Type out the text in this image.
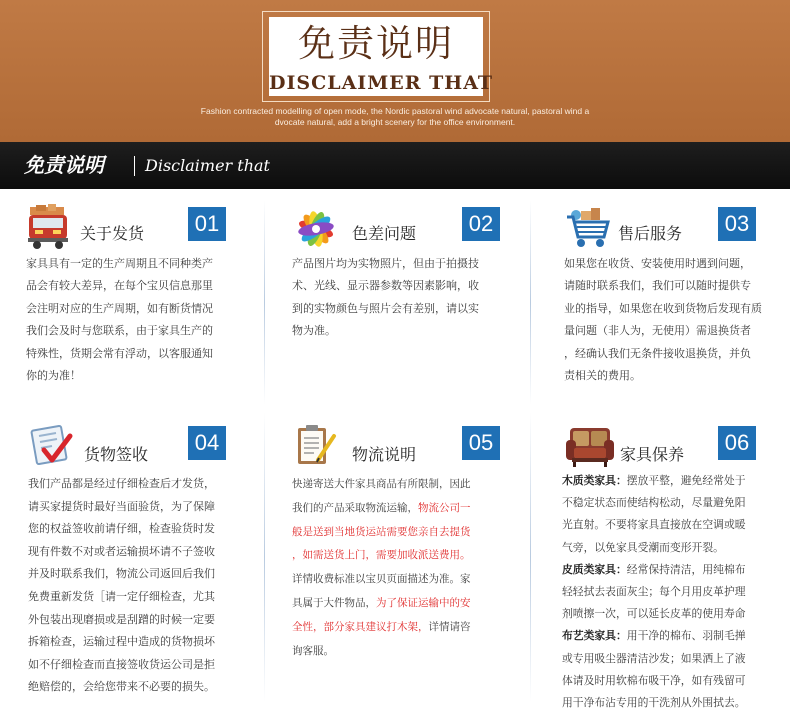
免责说明
DISCLAIMER THAT
Fashion contracted modelling of open mode, the Nordic pastoral wind advocate natural, pastoral wind a
dvocate natural, add a bright scenery for the office environment.
免责说明	Disclaimer that
关于发货	01

家具具有一定的生产周期且不同种类产

品会有较大差异，在每个宝贝信息那里

会注明对应的生产周期，如有断货情况

我们会及时与您联系，由于家具生产的

特殊性，货期会常有浮动，以客服通知

你的为准！

色差问题	02

产品图片均为实物照片，但由于拍摄技

术、光线、显示器参数等因素影响，收

到的实物颜色与照片会有差别，请以实

物为准。

售后服务	03

如果您在收货、安装使用时遇到问题，

请随时联系我们，我们可以随时提供专

业的指导，如果您在收到货物后发现有质

量问题（非人为，无使用）需退换货者

，经确认我们无条件接收退换货，并负

责相关的费用。

货物签收	04

我们产品都是经过仔细检查后才发货，

请买家提货时最好当面验货，为了保障

您的权益签收前请仔细，检查验货时发

现有件数不对或者运输损坏请不子签收

并及时联系我们，物流公司返回后我们

免费重新发货［请一定仔细检查，尤其

外包装出现磨损或是刮蹭的时候一定要

拆箱检查，运输过程中造成的货物损坏

如不仔细检查而直接签收货运公司是拒

绝赔偿的，会给您带来不必要的损失。

物流说明	05

快递寄送大件家具商品有所限制，因此

我们的产品采取物流运输，物流公司一

般是送到当地货运站需要您亲自去提货

，如需送货上门，需要加收派送费用。

详情收费标准以宝贝页面描述为准。家

具属于大件物品，为了保证运输中的安

全性，部分家具建议打木架，详情请咨

询客服。

家具保养	06

木质类家具：摆放平整，避免经常处于

不稳定状态而使结构松动，尽量避免阳

光直射。不要将家具直接放在空调或暖

气旁，以免家具受潮而变形开裂。

皮质类家具：经常保持清洁，用纯棉布

轻轻拭去表面灰尘；每个月用皮革护理

剂喷擦一次，可以延长皮革的使用寿命

布艺类家具：用干净的棉布、羽制毛掸

或专用吸尘器清洁沙发；如果洒上了液

体请及时用软棉布吸干净，如有残留可

用干净布沾专用的干洗剂从外围拭去。
